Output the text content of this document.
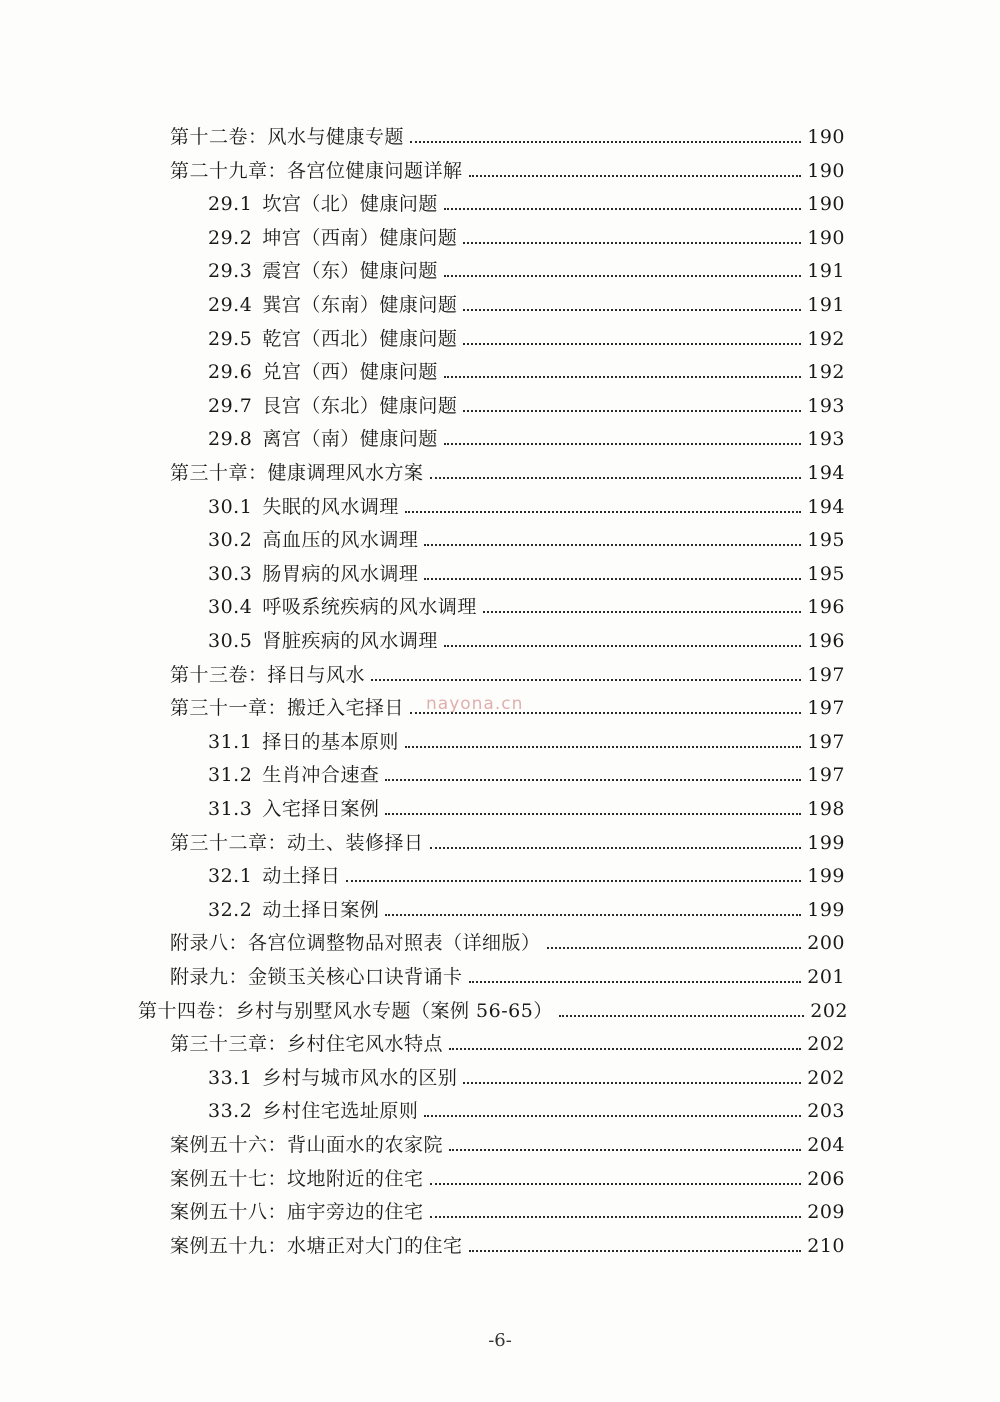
第十二卷：风水与健康专题	190
第二十九章：各宫位健康问题详解	190
29.1 坎宫（北）健康问题	190
29.2 坤宫（西南）健康问题	190
29.3 震宫（东）健康问题	191
29.4 巽宫（东南）健康问题	191
29.5 乾宫（西北）健康问题	192
29.6 兑宫（西）健康问题	192
29.7 艮宫（东北）健康问题	193
29.8 离宫（南）健康问题	193
第三十章：健康调理风水方案	194
30.1 失眠的风水调理	194
30.2 高血压的风水调理	195
30.3 肠胃病的风水调理	195
30.4 呼吸系统疾病的风水调理	196
30.5 肾脏疾病的风水调理	196
第十三卷：择日与风水	197
第三十一章：搬迁入宅择日	197
31.1 择日的基本原则	197
31.2 生肖冲合速查	197
31.3 入宅择日案例	198
第三十二章：动土、装修择日	199
32.1 动土择日	199
32.2 动土择日案例	199
附录八：各宫位调整物品对照表（详细版）	200
附录九：金锁玉关核心口诀背诵卡	201
第十四卷：乡村与别墅风水专题（案例 56-65）	202
第三十三章：乡村住宅风水特点	202
33.1 乡村与城市风水的区别	202
33.2 乡村住宅选址原则	203
案例五十六：背山面水的农家院	204
案例五十七：坟地附近的住宅	206
案例五十八：庙宇旁边的住宅	209
案例五十九：水塘正对大门的住宅	210
nayona.cn
-6-
